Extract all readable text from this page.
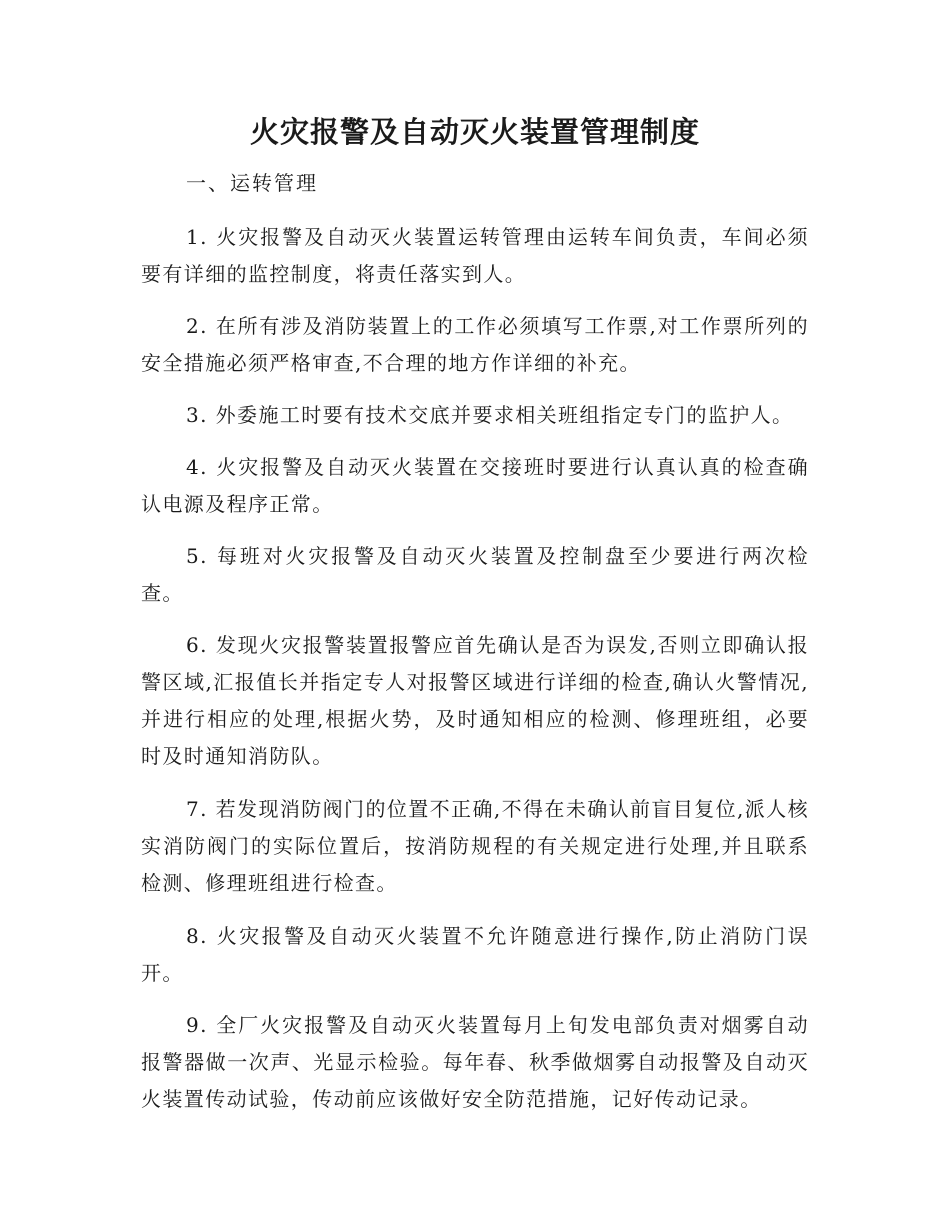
火灾报警及自动灭火装置管理制度
一、运转管理

1. 火灾报警及自动灭火装置运转管理由运转车间负责，车间必须要有详细的监控制度，将责任落实到人。

2. 在所有涉及消防装置上的工作必须填写工作票,对工作票所列的安全措施必须严格审查,不合理的地方作详细的补充。

3. 外委施工时要有技术交底并要求相关班组指定专门的监护人。

4. 火灾报警及自动灭火装置在交接班时要进行认真认真的检查确认电源及程序正常。

5. 每班对火灾报警及自动灭火装置及控制盘至少要进行两次检查。

6. 发现火灾报警装置报警应首先确认是否为误发,否则立即确认报警区域,汇报值长并指定专人对报警区域进行详细的检查,确认火警情况,并进行相应的处理,根据火势，及时通知相应的检测、修理班组，必要时及时通知消防队。

7. 若发现消防阀门的位置不正确,不得在未确认前盲目复位,派人核实消防阀门的实际位置后，按消防规程的有关规定进行处理,并且联系检测、修理班组进行检查。

8. 火灾报警及自动灭火装置不允许随意进行操作,防止消防门误开。

9. 全厂火灾报警及自动灭火装置每月上旬发电部负责对烟雾自动报警器做一次声、光显示检验。每年春、秋季做烟雾自动报警及自动灭火装置传动试验，传动前应该做好安全防范措施，记好传动记录。
